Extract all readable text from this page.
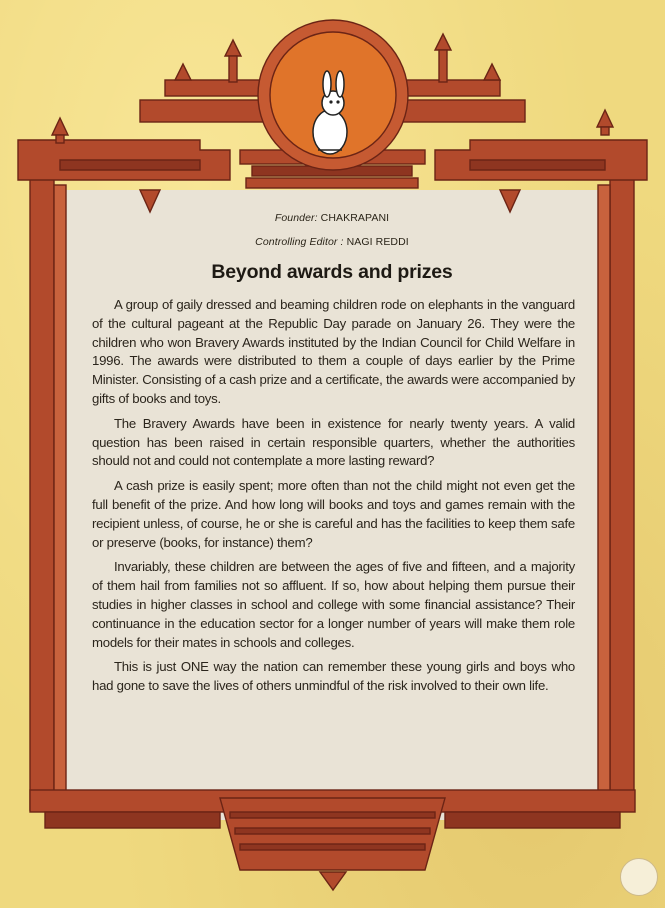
Founder: CHAKRAPANI
Controlling Editor : NAGI REDDI
Beyond awards and prizes

A group of gaily dressed and beaming children rode on elephants in the vanguard of the cultural pageant at the Republic Day parade on January 26. They were the children who won Bravery Awards instituted by the Indian Council for Child Welfare in 1996. The awards were distributed to them a couple of days earlier by the Prime Minister. Consisting of a cash prize and a certificate, the awards were accompanied by gifts of books and toys.

The Bravery Awards have been in existence for nearly twenty years. A valid question has been raised in certain responsible quarters, whether the authorities should not and could not contemplate a more lasting reward?

A cash prize is easily spent; more often than not the child might not even get the full benefit of the prize. And how long will books and toys and games remain with the recipient unless, of course, he or she is careful and has the facilities to keep them safe or preserve (books, for instance) them?

Invariably, these children are between the ages of five and fifteen, and a majority of them hail from families not so affluent. If so, how about helping them pursue their studies in higher classes in school and college with some financial assistance? Their continuance in the education sector for a longer number of years will make them role models for their mates in schools and colleges.

This is just ONE way the nation can remember these young girls and boys who had gone to save the lives of others unmindful of the risk involved to their own life.
